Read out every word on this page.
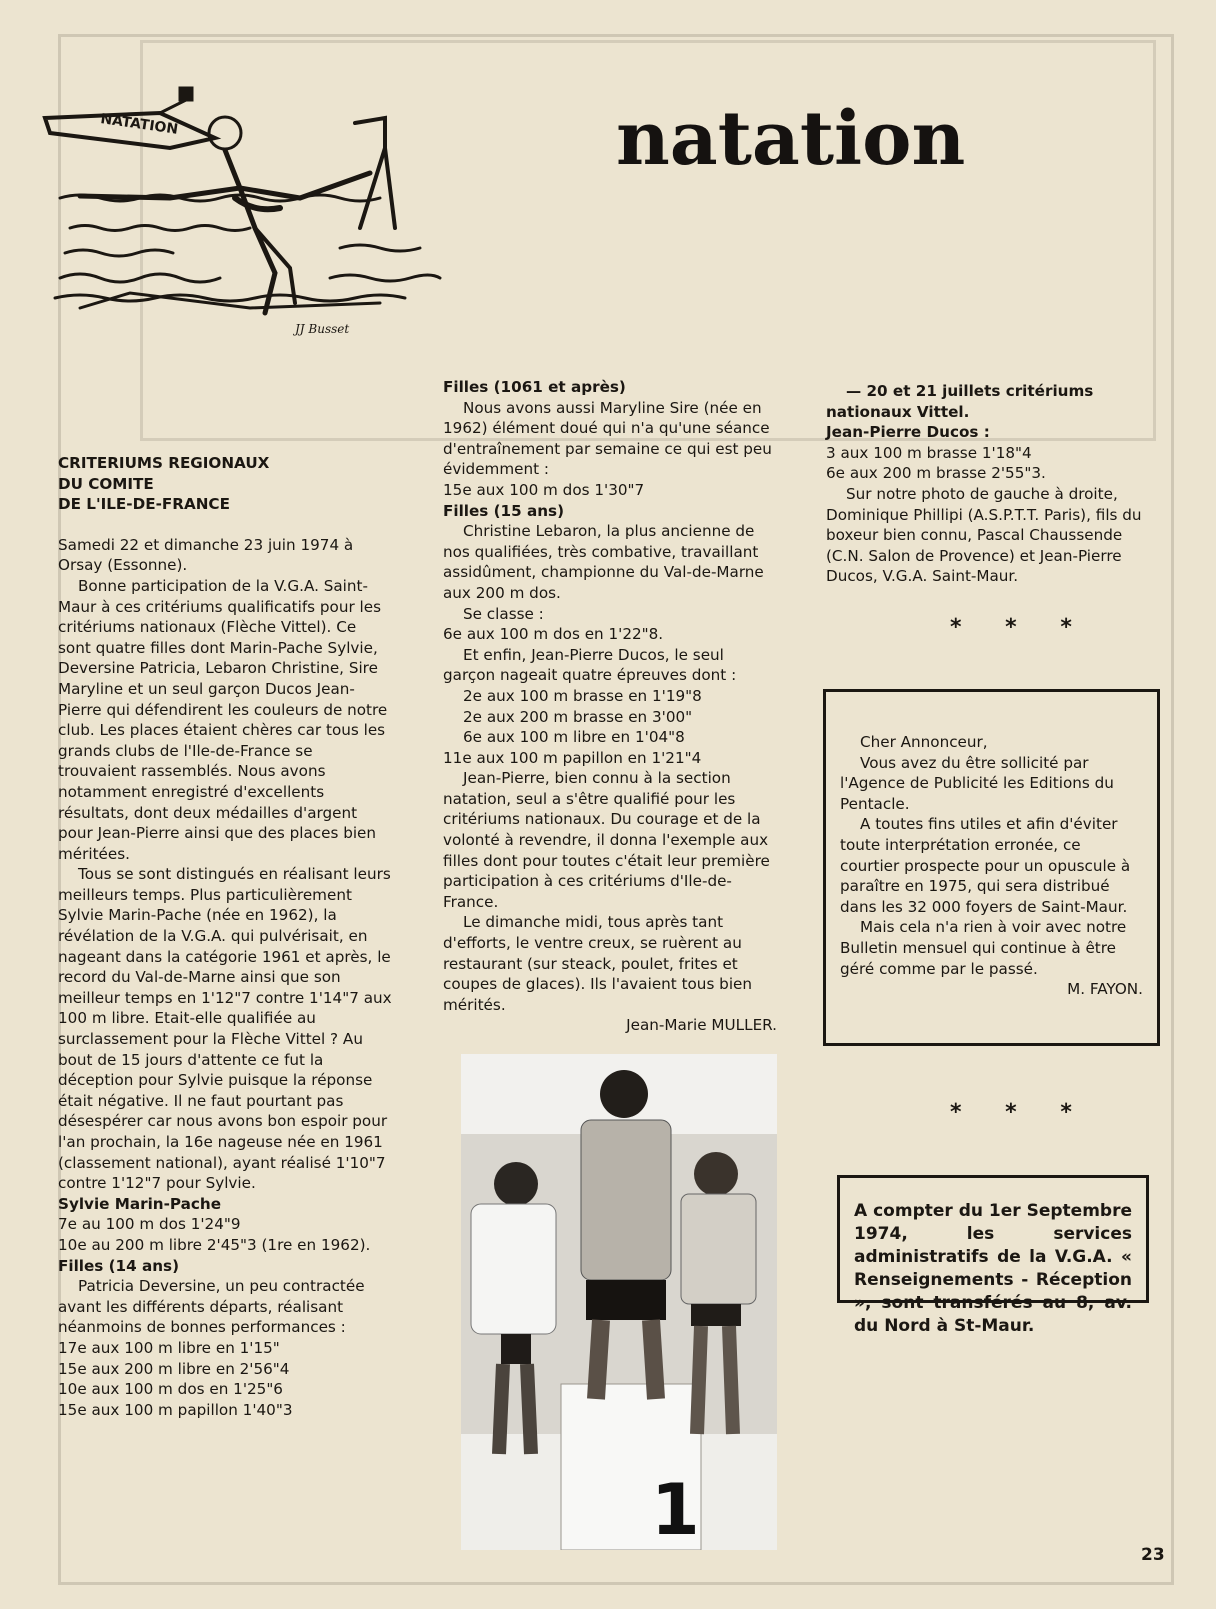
NATATION
JJ Busset
natation
CRITERIUMS REGIONAUX
DU COMITE
DE L'ILE-DE-FRANCE

Samedi 22 et dimanche 23 juin 1974 à Orsay (Essonne).

Bonne participation de la V.G.A. Saint-Maur à ces critériums qualificatifs pour les critériums nationaux (Flèche Vittel). Ce sont quatre filles dont Marin-Pache Sylvie, Deversine Patricia, Lebaron Christine, Sire Maryline et un seul garçon Ducos Jean-Pierre qui défendirent les couleurs de notre club. Les places étaient chères car tous les grands clubs de l'Ile-de-France se trouvaient rassemblés. Nous avons notamment enregistré d'excellents résultats, dont deux médailles d'argent pour Jean-Pierre ainsi que des places bien méritées.

Tous se sont distingués en réalisant leurs meilleurs temps. Plus particulièrement Sylvie Marin-Pache (née en 1962), la révélation de la V.G.A. qui pulvérisait, en nageant dans la catégorie 1961 et après, le record du Val-de-Marne ainsi que son meilleur temps en 1'12"7 contre 1'14"7 aux 100 m libre. Etait-elle qualifiée au surclassement pour la Flèche Vittel ? Au bout de 15 jours d'attente ce fut la déception pour Sylvie puisque la réponse était négative. Il ne faut pourtant pas désespérer car nous avons bon espoir pour l'an prochain, la 16e nageuse née en 1961 (classement national), ayant réalisé 1'10"7 contre 1'12"7 pour Sylvie.

Sylvie Marin-Pache

7e au 100 m dos 1'24"9

10e au 200 m libre 2'45"3 (1re en 1962).

Filles (14 ans)

Patricia Deversine, un peu contractée avant les différents départs, réalisant néanmoins de bonnes performances :

17e aux 100 m libre en 1'15"

15e aux 200 m libre en 2'56"4

10e aux 100 m dos en 1'25"6

15e aux 100 m papillon 1'40"3

Filles (1061 et après)

Nous avons aussi Maryline Sire (née en 1962) élément doué qui n'a qu'une séance d'entraînement par semaine ce qui est peu évidemment :

15e aux 100 m dos 1'30"7

Filles (15 ans)

Christine Lebaron, la plus ancienne de nos qualifiées, très combative, travaillant assidûment, championne du Val-de-Marne aux 200 m dos.

Se classe :

6e aux 100 m dos en 1'22"8.

Et enfin, Jean-Pierre Ducos, le seul garçon nageait quatre épreuves dont :

2e aux 100 m brasse en 1'19"8

2e aux 200 m brasse en 3'00"

6e aux 100 m libre en 1'04"8

11e aux 100 m papillon en 1'21"4

Jean-Pierre, bien connu à la section natation, seul a s'être qualifié pour les critériums nationaux. Du courage et de la volonté à revendre, il donna l'exemple aux filles dont pour toutes c'était leur première participation à ces critériums d'Ile-de-France.

Le dimanche midi, tous après tant d'efforts, le ventre creux, se ruèrent au restaurant (sur steack, poulet, frites et coupes de glaces). Ils l'avaient tous bien mérités.

Jean-Marie MULLER.

1

— 20 et 21 juillets critériums nationaux Vittel.

Jean-Pierre Ducos :

3 aux 100 m brasse 1'18"4

6e aux 200 m brasse 2'55"3.

Sur notre photo de gauche à droite, Dominique Phillipi (A.S.P.T.T. Paris), fils du boxeur bien connu, Pascal Chaussende (C.N. Salon de Provence) et Jean-Pierre Ducos, V.G.A. Saint-Maur.

* * *

Cher Annonceur,

Vous avez du être sollicité par l'Agence de Publicité les Editions du Pentacle.

A toutes fins utiles et afin d'éviter toute interprétation erronée, ce courtier prospecte pour un opuscule à paraître en 1975, qui sera distribué dans les 32 000 foyers de Saint-Maur.

Mais cela n'a rien à voir avec notre Bulletin mensuel qui continue à être géré comme par le passé.

M. FAYON.

* * *
A compter du 1er Septembre 1974, les services administratifs de la V.G.A. « Renseignements - Réception », sont transférés au 8, av. du Nord à St-Maur.
23
